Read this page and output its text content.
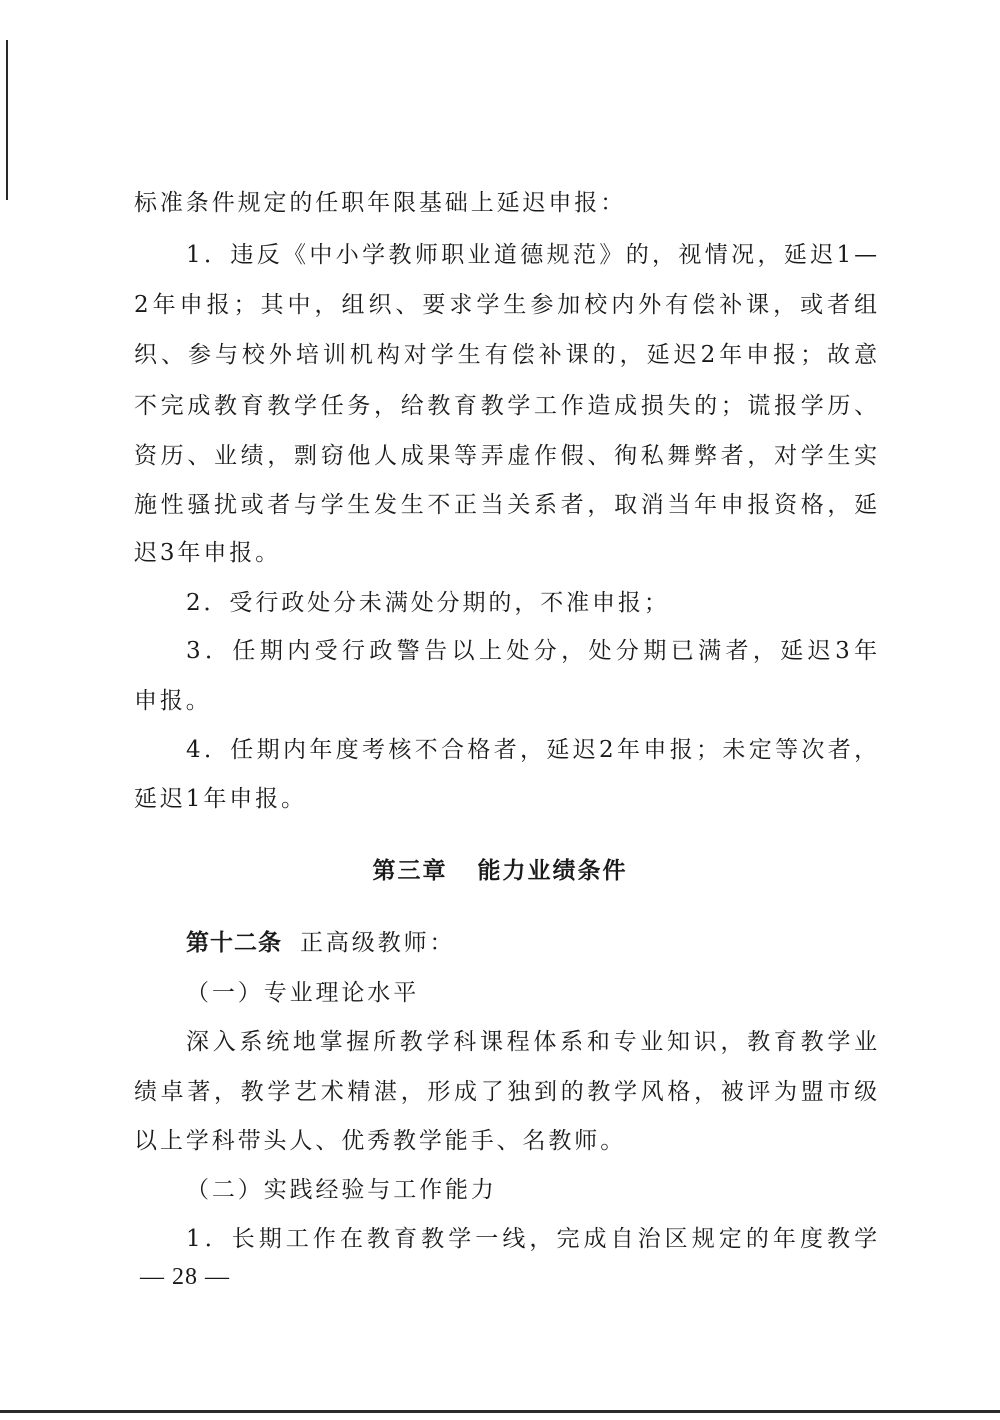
标准条件规定的任职年限基础上延迟申报：
1．违反《中小学教师职业道德规范》的，视情况，延迟1—
2年申报；其中，组织、要求学生参加校内外有偿补课，或者组
织、参与校外培训机构对学生有偿补课的，延迟2年申报；故意
不完成教育教学任务，给教育教学工作造成损失的；谎报学历、
资历、业绩，剽窃他人成果等弄虚作假、徇私舞弊者，对学生实
施性骚扰或者与学生发生不正当关系者，取消当年申报资格，延
迟3年申报。
2．受行政处分未满处分期的，不准申报；
3．任期内受行政警告以上处分，处分期已满者，延迟3年
申报。
4．任期内年度考核不合格者，延迟2年申报；未定等次者，
延迟1年申报。
第三章 能力业绩条件
第十二条 正高级教师：
（一）专业理论水平
深入系统地掌握所教学科课程体系和专业知识，教育教学业
绩卓著，教学艺术精湛，形成了独到的教学风格，被评为盟市级
以上学科带头人、优秀教学能手、名教师。
（二）实践经验与工作能力
1．长期工作在教育教学一线，完成自治区规定的年度教学
— 28 —
